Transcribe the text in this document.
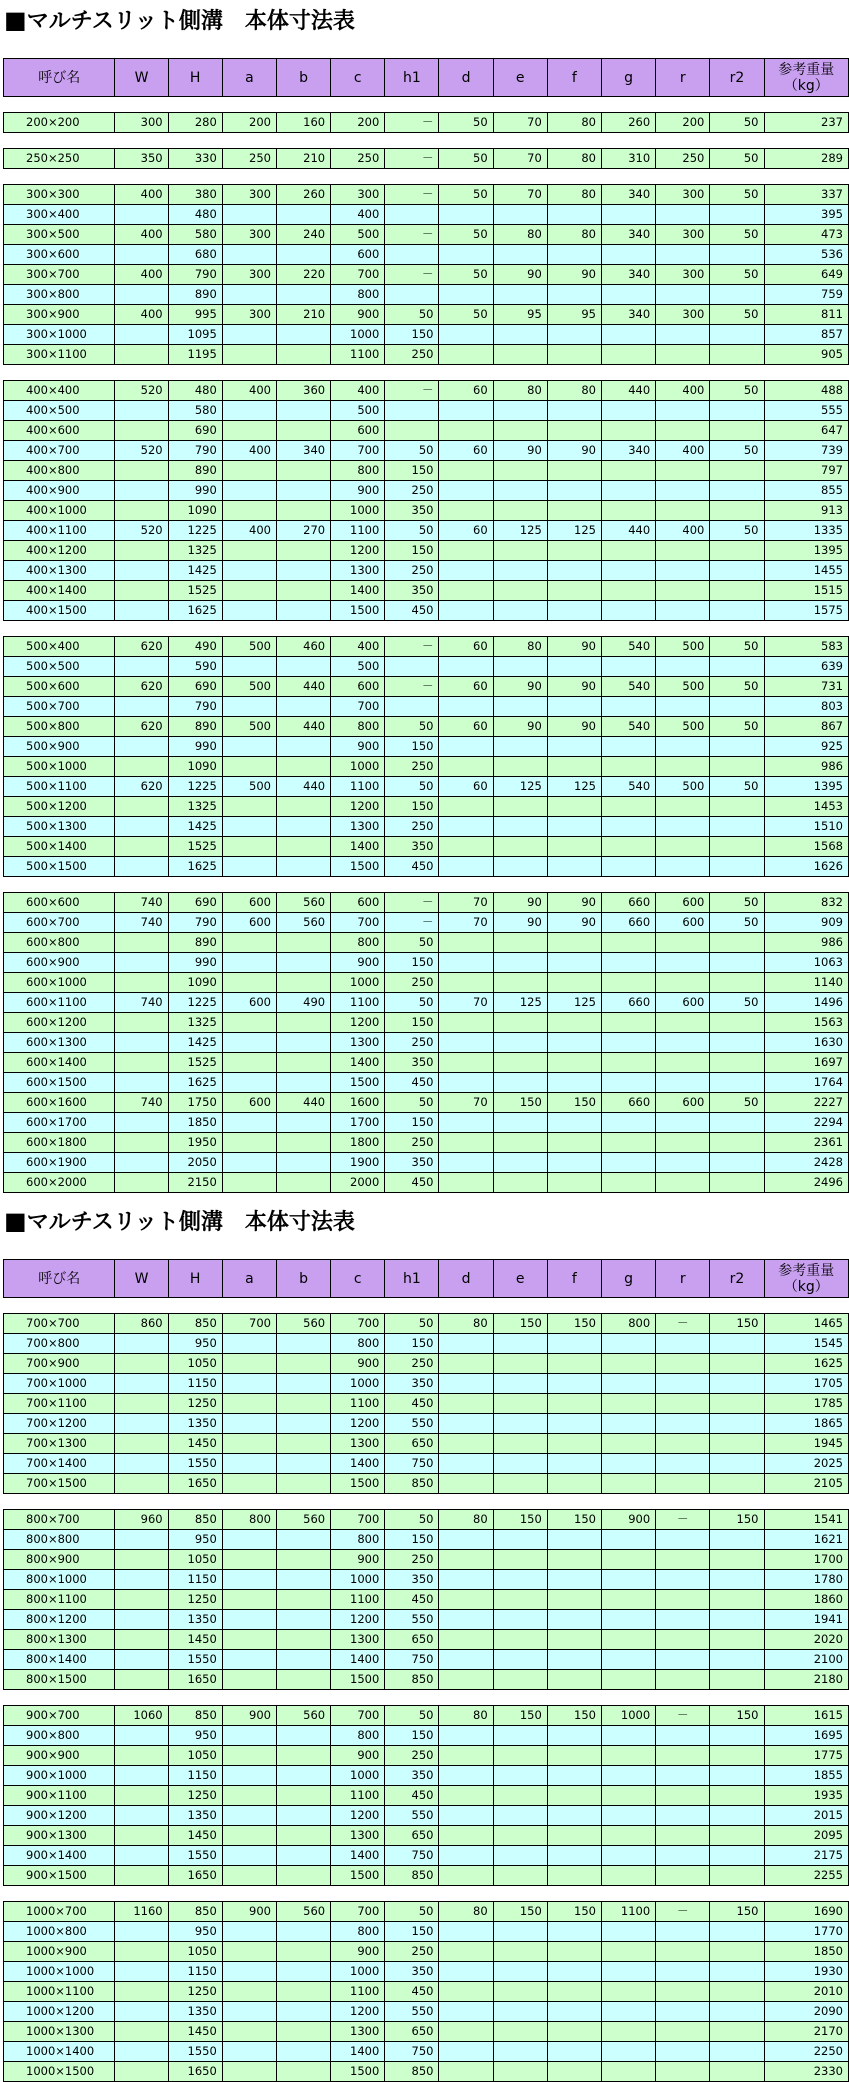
■マルチスリット側溝　本体寸法表
呼び名	W	H	a	b	c	h1	d	e	f	g	r	r2	参考重量
（kg）

200×200	300	280	200	160	200	－	50	70	80	260	200	50	237

250×250	350	330	250	210	250	－	50	70	80	310	250	50	289

300×300	400	380	300	260	300	－	50	70	80	340	300	50	337
300×400		480			400								395
300×500	400	580	300	240	500	－	50	80	80	340	300	50	473
300×600		680			600								536
300×700	400	790	300	220	700	－	50	90	90	340	300	50	649
300×800		890			800								759
300×900	400	995	300	210	900	50	50	95	95	340	300	50	811
300×1000		1095			1000	150							857
300×1100		1195			1100	250							905

400×400	520	480	400	360	400	－	60	80	80	440	400	50	488
400×500		580			500								555
400×600		690			600								647
400×700	520	790	400	340	700	50	60	90	90	340	400	50	739
400×800		890			800	150							797
400×900		990			900	250							855
400×1000		1090			1000	350							913
400×1100	520	1225	400	270	1100	50	60	125	125	440	400	50	1335
400×1200		1325			1200	150							1395
400×1300		1425			1300	250							1455
400×1400		1525			1400	350							1515
400×1500		1625			1500	450							1575

500×400	620	490	500	460	400	－	60	80	90	540	500	50	583
500×500		590			500								639
500×600	620	690	500	440	600	－	60	90	90	540	500	50	731
500×700		790			700								803
500×800	620	890	500	440	800	50	60	90	90	540	500	50	867
500×900		990			900	150							925
500×1000		1090			1000	250							986
500×1100	620	1225	500	440	1100	50	60	125	125	540	500	50	1395
500×1200		1325			1200	150							1453
500×1300		1425			1300	250							1510
500×1400		1525			1400	350							1568
500×1500		1625			1500	450							1626

600×600	740	690	600	560	600	－	70	90	90	660	600	50	832
600×700	740	790	600	560	700	－	70	90	90	660	600	50	909
600×800		890			800	50							986
600×900		990			900	150							1063
600×1000		1090			1000	250							1140
600×1100	740	1225	600	490	1100	50	70	125	125	660	600	50	1496
600×1200		1325			1200	150							1563
600×1300		1425			1300	250							1630
600×1400		1525			1400	350							1697
600×1500		1625			1500	450							1764
600×1600	740	1750	600	440	1600	50	70	150	150	660	600	50	2227
600×1700		1850			1700	150							2294
600×1800		1950			1800	250							2361
600×1900		2050			1900	350							2428
600×2000		2150			2000	450							2496
■マルチスリット側溝　本体寸法表
呼び名	W	H	a	b	c	h1	d	e	f	g	r	r2	参考重量
（kg）

700×700	860	850	700	560	700	50	80	150	150	800	－	150	1465
700×800		950			800	150							1545
700×900		1050			900	250							1625
700×1000		1150			1000	350							1705
700×1100		1250			1100	450							1785
700×1200		1350			1200	550							1865
700×1300		1450			1300	650							1945
700×1400		1550			1400	750							2025
700×1500		1650			1500	850							2105

800×700	960	850	800	560	700	50	80	150	150	900	－	150	1541
800×800		950			800	150							1621
800×900		1050			900	250							1700
800×1000		1150			1000	350							1780
800×1100		1250			1100	450							1860
800×1200		1350			1200	550							1941
800×1300		1450			1300	650							2020
800×1400		1550			1400	750							2100
800×1500		1650			1500	850							2180

900×700	1060	850	900	560	700	50	80	150	150	1000	－	150	1615
900×800		950			800	150							1695
900×900		1050			900	250							1775
900×1000		1150			1000	350							1855
900×1100		1250			1100	450							1935
900×1200		1350			1200	550							2015
900×1300		1450			1300	650							2095
900×1400		1550			1400	750							2175
900×1500		1650			1500	850							2255

1000×700	1160	850	900	560	700	50	80	150	150	1100	－	150	1690
1000×800		950			800	150							1770
1000×900		1050			900	250							1850
1000×1000		1150			1000	350							1930
1000×1100		1250			1100	450							2010
1000×1200		1350			1200	550							2090
1000×1300		1450			1300	650							2170
1000×1400		1550			1400	750							2250
1000×1500		1650			1500	850							2330
